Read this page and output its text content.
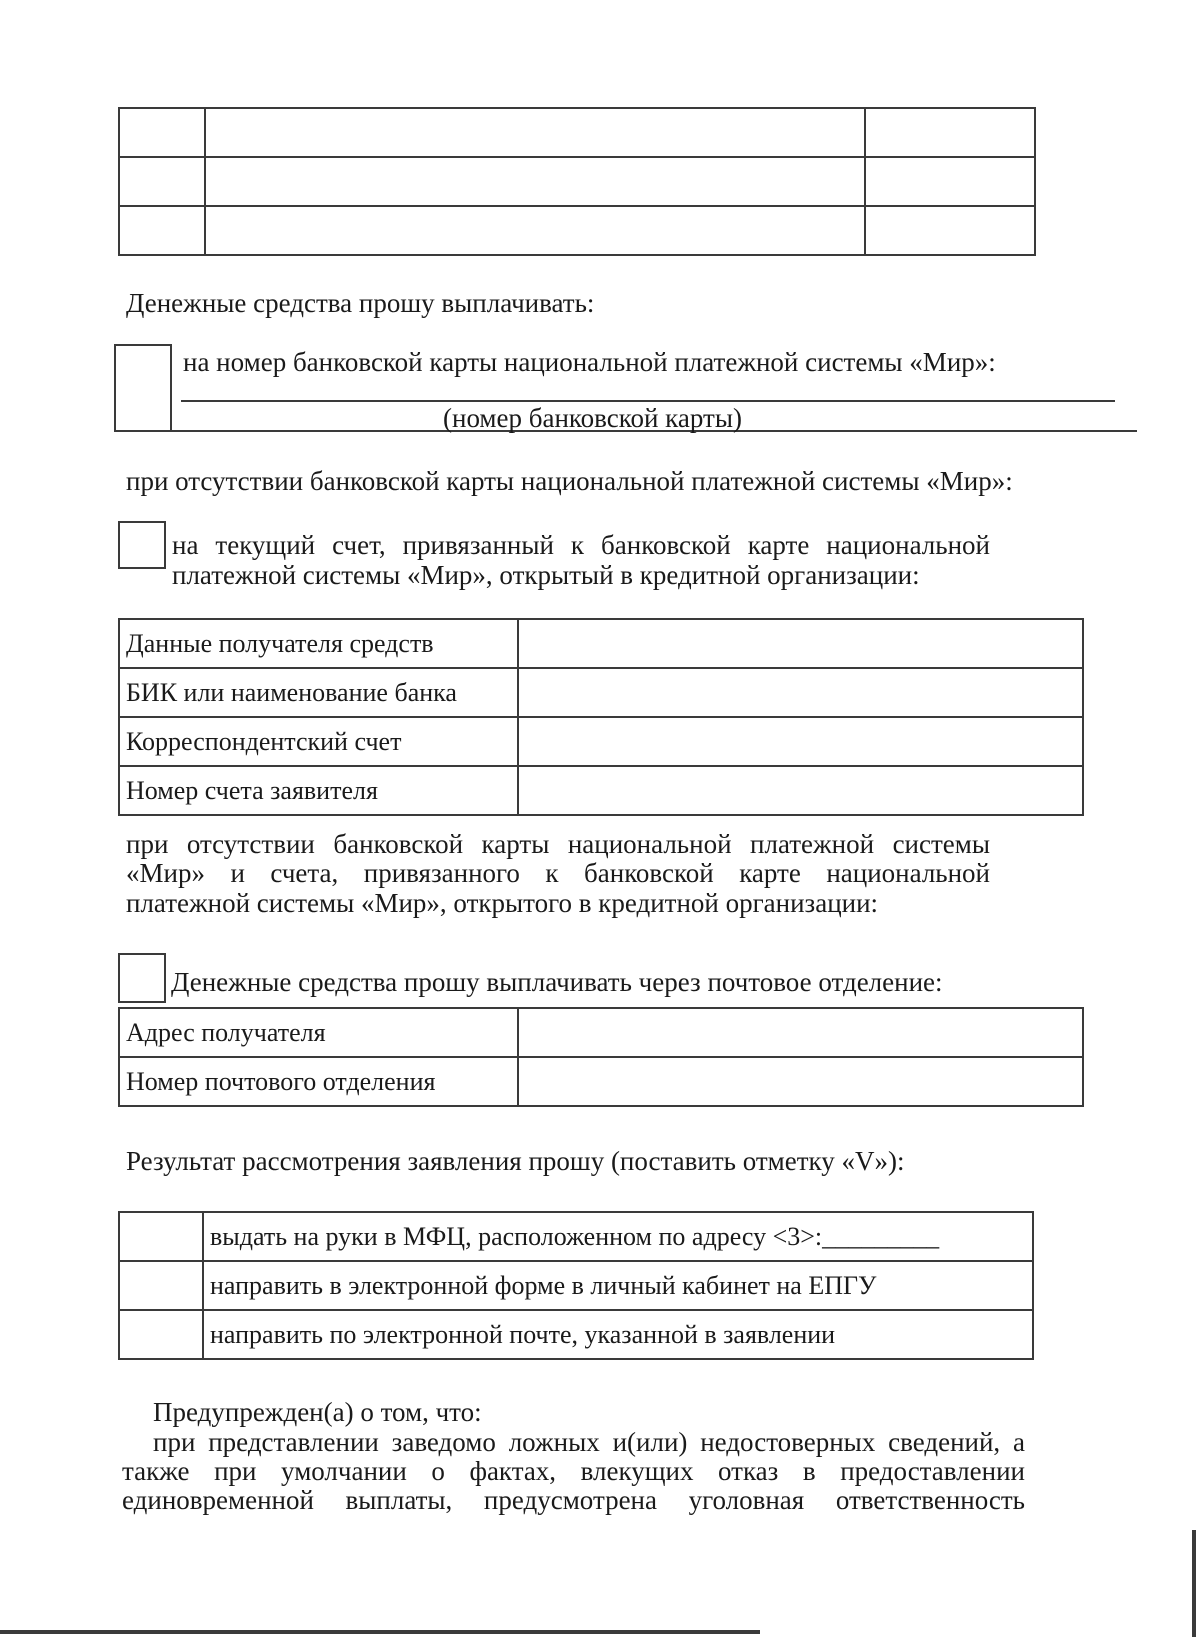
Денежные средства прошу выплачивать:
на номер банковской карты национальной платежной системы «Мир»:
(номер банковской карты)
при отсутствии банковской карты национальной платежной системы «Мир»:
на текущий счет, привязанный к банковской карте национальной
платежной системы «Мир», открытый в кредитной организации:
Данные получателя средств	
БИК или наименование банка	
Корреспондентский счет	
Номер счета заявителя	
при отсутствии банковской карты национальной платежной системы
«Мир» и счета, привязанного к банковской карте национальной
платежной системы «Мир», открытого в кредитной организации:
Денежные средства прошу выплачивать через почтовое отделение:
Адрес получателя	
Номер почтового отделения	
Результат рассмотрения заявления прошу (поставить отметку «V»):
	выдать на руки в МФЦ, расположенном по адресу <3>:_________
	направить в электронной форме в личный кабинет на ЕПГУ
	направить по электронной почте, указанной в заявлении
Предупрежден(а) о том, что:
при представлении заведомо ложных и(или) недостоверных сведений, а
также при умолчании о фактах, влекущих отказ в предоставлении
единовременной выплаты, предусмотрена уголовная ответственность
